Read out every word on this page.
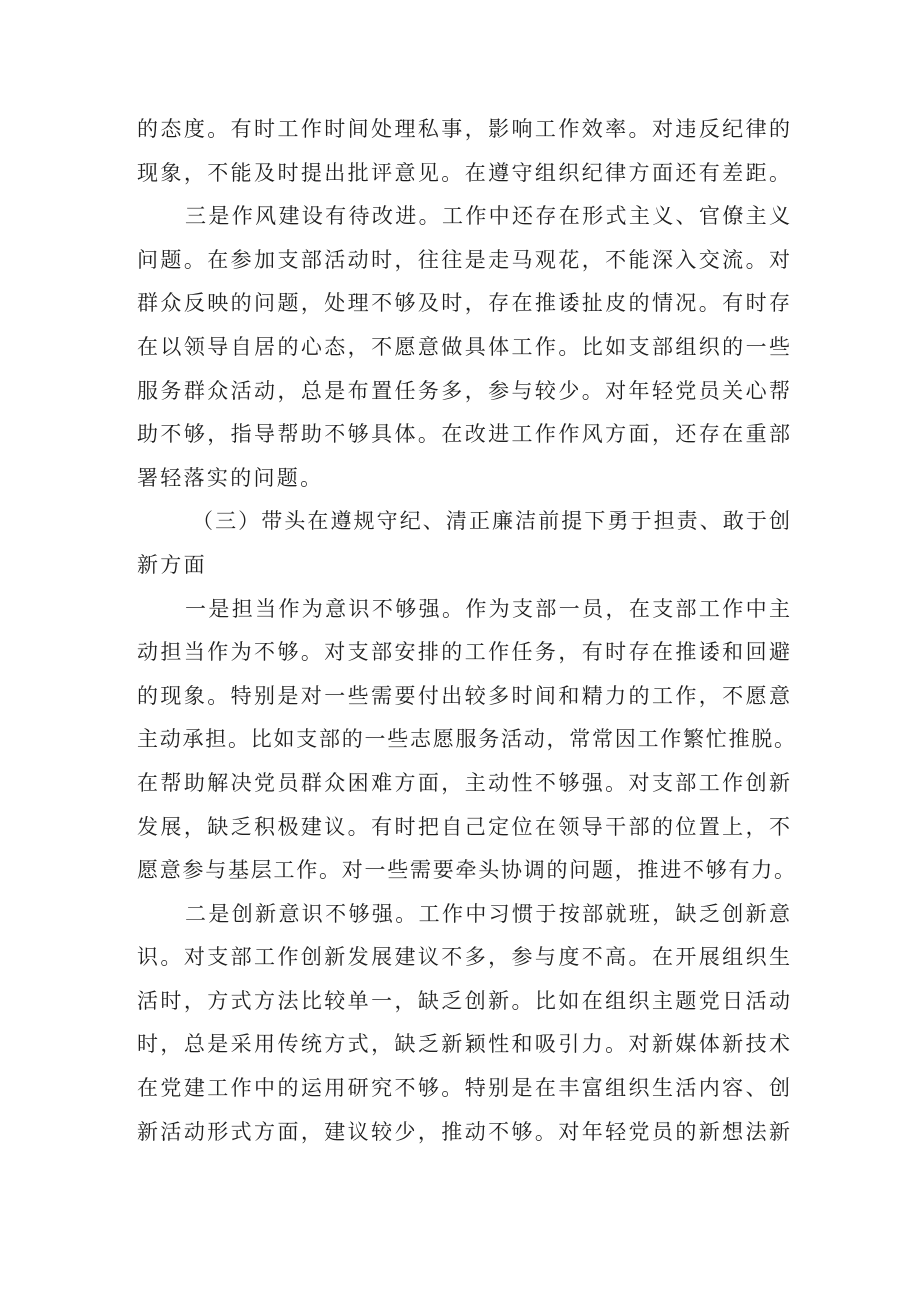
的态度。有时工作时间处理私事，影响工作效率。对违反纪律的
现象，不能及时提出批评意见。在遵守组织纪律方面还有差距。
三是作风建设有待改进。工作中还存在形式主义、官僚主义
问题。在参加支部活动时，往往是走马观花，不能深入交流。对
群众反映的问题，处理不够及时，存在推诿扯皮的情况。有时存
在以领导自居的心态，不愿意做具体工作。比如支部组织的一些
服务群众活动，总是布置任务多，参与较少。对年轻党员关心帮
助不够，指导帮助不够具体。在改进工作作风方面，还存在重部
署轻落实的问题。
（三）带头在遵规守纪、清正廉洁前提下勇于担责、敢于创
新方面
一是担当作为意识不够强。作为支部一员，在支部工作中主
动担当作为不够。对支部安排的工作任务，有时存在推诿和回避
的现象。特别是对一些需要付出较多时间和精力的工作，不愿意
主动承担。比如支部的一些志愿服务活动，常常因工作繁忙推脱。
在帮助解决党员群众困难方面，主动性不够强。对支部工作创新
发展，缺乏积极建议。有时把自己定位在领导干部的位置上，不
愿意参与基层工作。对一些需要牵头协调的问题，推进不够有力。
二是创新意识不够强。工作中习惯于按部就班，缺乏创新意
识。对支部工作创新发展建议不多，参与度不高。在开展组织生
活时，方式方法比较单一，缺乏创新。比如在组织主题党日活动
时，总是采用传统方式，缺乏新颖性和吸引力。对新媒体新技术
在党建工作中的运用研究不够。特别是在丰富组织生活内容、创
新活动形式方面，建议较少，推动不够。对年轻党员的新想法新
